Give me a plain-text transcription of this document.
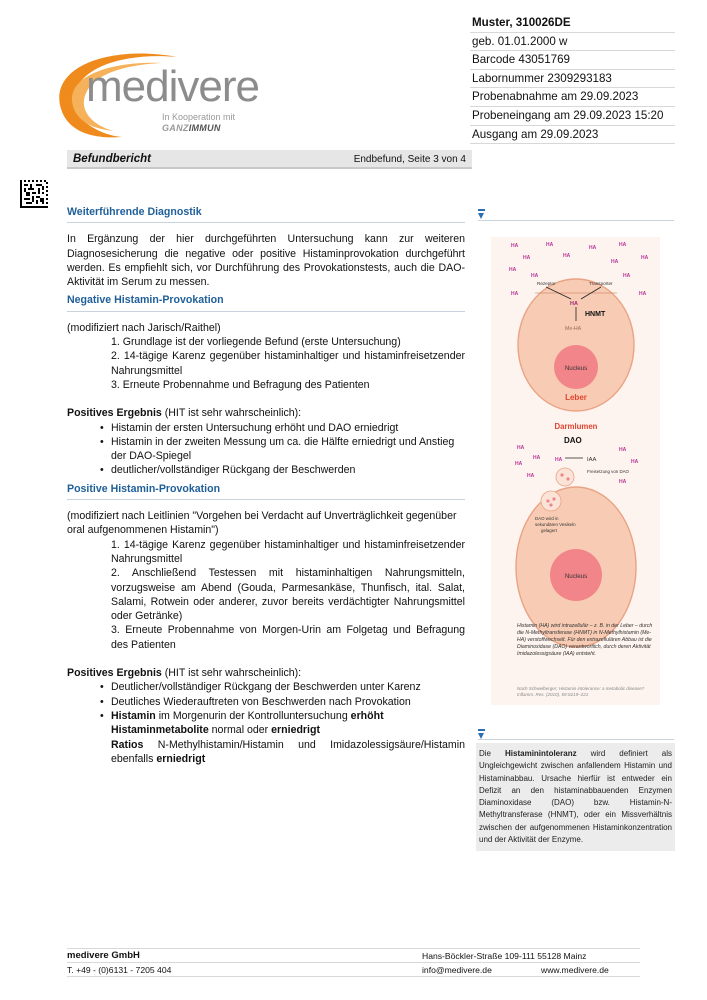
medivere
In Kooperation mit
GANZIMMUN
Muster, 310026DE
geb. 01.01.2000 w
Barcode 43051769
Labornummer 2309293183
Probenabnahme am 29.09.2023
Probeneingang am 29.09.2023 15:20
Ausgang am 29.09.2023
Befundbericht	Endbefund, Seite 3 von 4
Weiterführende Diagnostik

In Ergänzung der hier durchgeführten Untersuchung kann zur weiteren Diagnosesicherung die negative oder positive Histaminprovokation durchgeführt werden. Es empfiehlt sich, vor Durchführung des Provokationstests, auch die DAO-Aktivität im Serum zu messen.

Negative Histamin-Provokation
(modifiziert nach Jarisch/Raithel)
1. Grundlage ist der vorliegende Befund (erste Untersuchung)
2. 14-tägige Karenz gegenüber histaminhaltiger und histaminfreisetzender Nahrungsmittel
3. Erneute Probennahme und Befragung des Patienten
Positives Ergebnis (HIT ist sehr wahrscheinlich):
• Histamin der ersten Untersuchung erhöht und DAO erniedrigt
• Histamin in der zweiten Messung um ca. die Hälfte erniedrigt und Anstieg der DAO-Spiegel
• deutlicher/vollständiger Rückgang der Beschwerden
Positive Histamin-Provokation
(modifiziert nach Leitlinien "Vorgehen bei Verdacht auf Unverträglichkeit gegenüber oral aufgenommenen Histamin")
1. 14-tägige Karenz gegenüber histaminhaltiger und histaminfreisetzender Nahrungsmittel
2. Anschließend Testessen mit histaminhaltigen Nahrungsmitteln, vorzugsweise am Abend (Gouda, Parmesankäse, Thunfisch, ital. Salat, Salami, Rotwein oder anderer, zuvor bereits verdächtigter Nahrungsmittel oder Getränke)
3. Erneute Probennahme von Morgen-Urin am Folgetag und Befragung des Patienten
Positives Ergebnis (HIT ist sehr wahrscheinlich):
• Deutlicher/vollständiger Rückgang der Beschwerden unter Karenz
• Deutliches Wiederauftreten von Beschwerden nach Provokation
• Histamin im Morgenurin der Kontrolluntersuchung erhöht
Histaminmetabolite normal oder erniedrigt
Ratios N-Methylhistamin/Histamin und Imidazolessigsäure/Histamin ebenfalls erniedrigt
Nucleus
Leber
Rezeptor	Transporter
HA
HNMT
Me-HA
HA	HA	HA	HA
HA	HA
HA
HA
HA
HA	HA
HA	HA
Darmlumen
DAO
IAA
Freisetzung von DAO
HA
HA
HA
HA
HA
HA
HA
HA
DAO wird in
sekundären Vesikeln
gelagert
Nucleus
Histamin (HA) wird intrazellulär – z. B. in der Leber – durch die N-Methyltransferase (HNMT) in N-Methylhistamin (Me-HA) verstoffwechselt. Für den extrazellulären Abbau ist die Diaminoxidase (DAO) verantwortlich, durch deren Aktivität Imidazolessigsäure (IAA) entsteht.
Nach Schwelberger; Histamin intolerance: a metabolic disease? Inflamm. Res. (2010), 59:S219–221
Die Histaminintoleranz wird definiert als Ungleichgewicht zwischen anfallendem Histamin und Histaminabbau. Ursache hierfür ist entweder ein Defizit an den histaminabbauenden Enzymen Diaminoxidase (DAO) bzw. Histamin-N-Methyltransferase (HNMT), oder ein Missverhältnis zwischen der aufgenommenen Histaminkonzentration und der Aktivität der Enzyme.
medivere GmbH	Hans-Böckler-Straße 109-111 55128 Mainz
T. +49 - (0)6131 - 7205 404	info@medivere.de	www.medivere.de
